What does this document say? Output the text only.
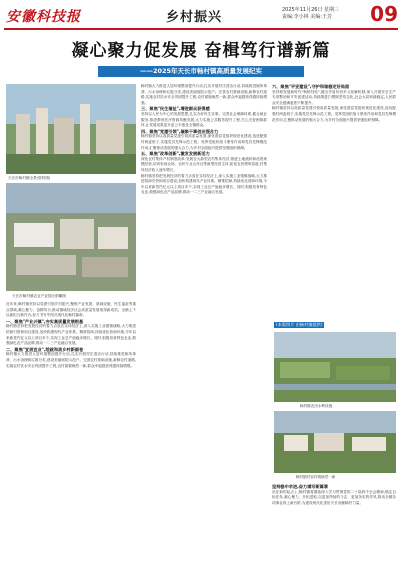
安徽科技报	乡村振兴	2025年11月26日 星期三
责编:李小林 美编:王芳	09
凝心聚力促发展 奋楫笃行谱新篇
——2025年天长市畅村镇高质量发展纪实
天长市畅村镇全景(资料图)
天长市畅村镇农业产业园区俯瞰图
近年来,畅村镇坚持以党建引领乡村振兴,聚焦产业发展、基础设施、民生福祉等重点领域,凝心聚力、奋楫笃行,推动镇域经济社会高质量发展取得新成效。全镇上下以新担当新作为,奋力书写中国式现代化畅村篇章。
一、聚焦"产业兴镇",夯实高质量发展根基
畅村镇坚持把发展经济的着力点放在实体经济上,深入实施工业强镇战略,大力推进招商引资和项目建设,加快构建现代产业体系。精准招商,持续优化营商环境,今年以来新签约亿元以上项目多个,实现工业总产值稳步增长。同时,积极培育特色农业,做强绿色农产品品牌,推动一二三产业融合发展。
二、聚焦"宜居宜业",绘就和美乡村新画卷
畅村镇大力推进人居环境整治提升行动,扎实开展村庄清洁行动,持续推进厕所革命、污水治理和垃圾分类,建设美丽庭院示范户。完善农村基础设施,新修农村道路,实施农村饮水安全巩固提升工程,农村面貌焕然一新,群众幸福感获得感持续增强。
畅村镇大力推进人居环境整治提升行动,扎实开展村庄清洁行动,持续推进厕所革命、污水治理和垃圾分类,建设美丽庭院示范户。完善农村基础设施,新修农村道路,实施农村饮水安全巩固提升工程,农村面貌焕然一新,群众幸福感获得感持续增强。
三、聚焦"民生福祉",增进群众获得感
坚持以人民为中心的发展思想,扎实办好民生实事。完善社会保障体系,健全就业服务,推进教育医疗资源均衡发展,大力实施公共服务提升工程,关心关爱困难群体,让发展成果更多更公平惠及全镇群众。
四、聚焦"党建引领",凝聚干事创业强合力
畅村镇坚持以高质量党建引领高质量发展,深化基层党组织规范化建设,选优配强村两委班子,实施党员先锋示范工程。发挥党组织战斗堡垒作用和党员先锋模范作用,汇聚推动发展的强大合力,为乡村全面振兴提供坚强组织保障。
五、聚焦"改革创新",激发发展新活力
深化农村集体产权制度改革,发展壮大新型农村集体经济,推进土地流转和适度规模经营,培育家庭农场、农民专业合作社等新型经营主体,拓宽农民增收渠道,村集体经济收入逐年增长。
畅村镇坚持把发展经济的着力点放在实体经济上,深入实施工业强镇战略,大力推进招商引资和项目建设,加快构建现代产业体系。精准招商,持续优化营商环境,今年以来新签约亿元以上项目多个,实现工业总产值稳步增长。同时,积极培育特色农业,做强绿色农产品品牌,推动一二三产业融合发展。
六、聚焦"平安建设",守护和谐稳定好局面
坚持和发展新时代"枫桥经验",健全矛盾纠纷多元化解机制,深入开展安全生产专项整治和平安创建活动,持续推进扫黑除恶常态化,社会大局和谐稳定,人民群众安全感满意度不断提升。
畅村镇坚持以高质量党建引领高质量发展,深化基层党组织规范化建设,选优配强村两委班子,实施党员先锋示范工程。发挥党组织战斗堡垒作用和党员先锋模范作用,汇聚推动发展的强大合力,为乡村全面振兴提供坚强组织保障。
(本版图片 由畅村镇提供)
畅村镇农田水利设施
畅村镇村容村貌焕然一新
坚持稳中求进,奋力谱写新篇章
站在新的起点上,畅村镇将继续深入学习贯彻党的二十届四中全会精神,锚定目标任务,凝心聚力、开拓进取,以更加昂扬的斗志、更加务实的作风,推动全镇各项事业再上新台阶,为建设现代化美好天长贡献畅村力量。
